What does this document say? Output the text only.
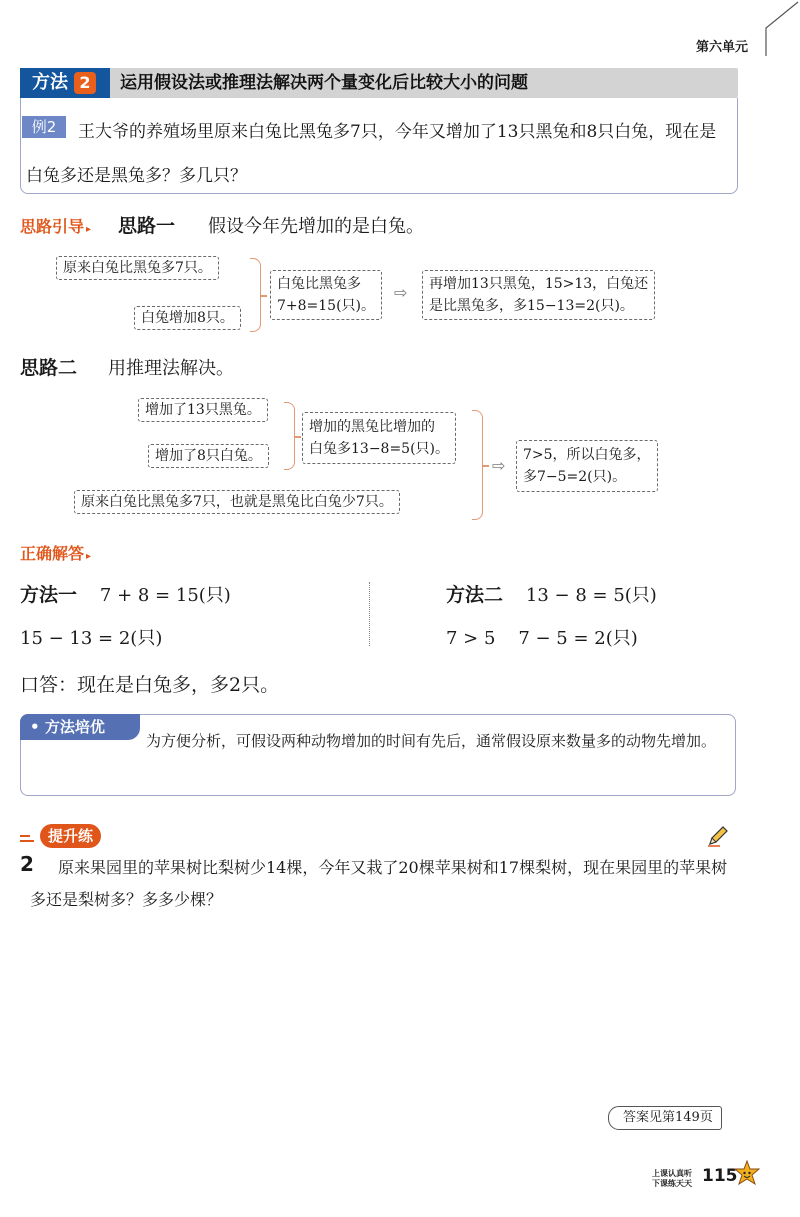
第六单元
方法 2	运用假设法或推理法解决两个量变化后比较大小的问题
王大爷的养殖场里原来白兔比黑兔多7只，今年又增加了13只黑兔和8只白兔，现在是白兔多还是黑兔多？多几只？
例2
思路引导 ▸ 思路一 假设今年先增加的是白兔。
原来白兔比黑兔多7只。
白兔增加8只。
白兔比黑兔多
7+8=15(只)。
⇨ 再增加13只黑兔，15>13，白兔还
是比黑兔多，多15−13=2(只)。
思路二 用推理法解决。
增加了13只黑兔。
增加了8只白兔。
增加的黑兔比增加的
白兔多13−8=5(只)。
原来白兔比黑兔多7只，也就是黑兔比白兔少7只。
⇨
7>5，所以白兔多，
多7−5=2(只)。
正确解答 ▸
方法一 7 + 8 = 15(只)
15 − 13 = 2(只)
方法二 13 − 8 = 5(只)
7 > 5    7 − 5 = 2(只)
口答：现在是白兔多，多2只。
• 方法培优
为方便分析，可假设两种动物增加的时间有先后，通常假设原来数量多的动物先增加。
提升练
原来果园里的苹果树比梨树少14棵，今年又栽了20棵苹果树和17棵梨树，现在果园里的苹果树多还是梨树多？多多少棵？
2
答案见第149页
上课认真听
下课练天天 115
